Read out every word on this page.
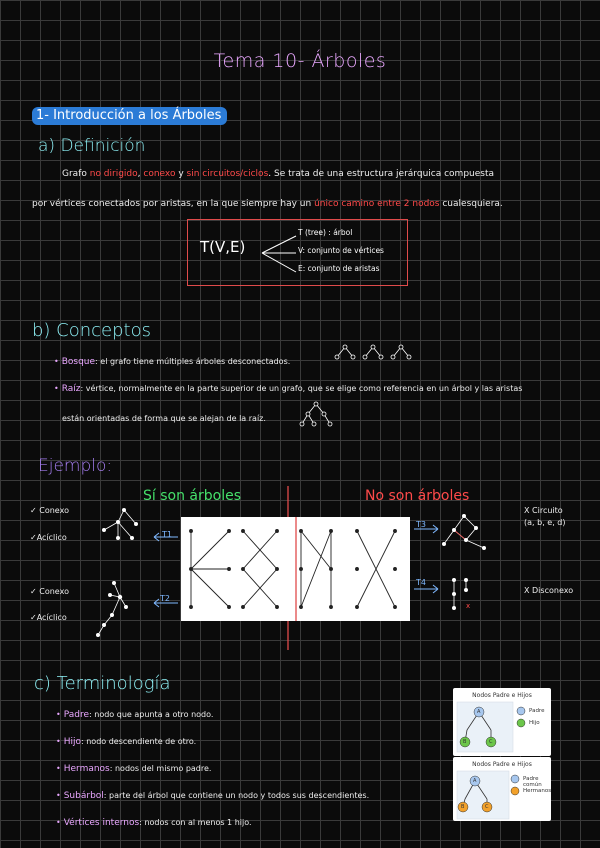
Tema 10- Árboles
1- Introducción a los Árboles
a) Definición
Grafo no dirigido, conexo y sin circuitos/ciclos. Se trata de una estructura jerárquica compuesta
por vértices conectados por aristas, en la que siempre hay un único camino entre 2 nodos cualesquiera.
T(V,E)
T (tree) : árbol
V: conjunto de vértices
E: conjunto de aristas
b) Conceptos
• Bosque: el grafo tiene múltiples árboles desconectados.
• Raíz: vértice, normalmente en la parte superior de un grafo, que se elige como referencia en un árbol y las aristas
están orientadas de forma que se alejan de la raíz.
Ejemplo:
Sí son árboles	No son árboles
✓ Conexo
✓Acíclico
✓ Conexo
✓Acíclico
T1
T2
T3
X Circuito
(a, b, e, d)
T4
x
X Disconexo
c) Terminología
• Padre: nodo que apunta a otro nodo.
• Hijo: nodo descendiente de otro.
• Hermanos: nodos del mismo padre.
• Subárbol: parte del árbol que contiene un nodo y todos sus descendientes.
• Vértices internos: nodos con al menos 1 hijo.
Nodos Padre e Hijos
A
B	C
Padre
Hijo
Nodos Padre e Hijos
A
B	C
Padre común
Hermanos
